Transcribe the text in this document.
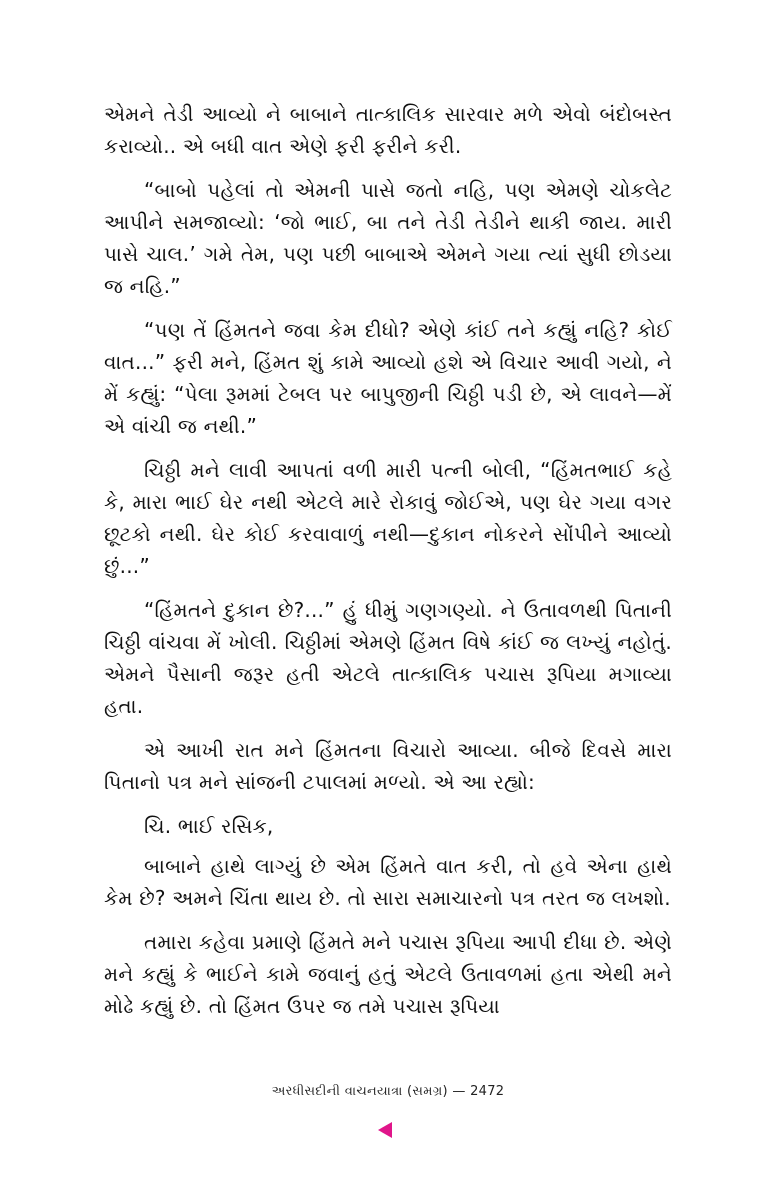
એમને તેડી આવ્યો ને બાબાને તાત્કાલિક સારવાર મળે એવો બંદોબસ્ત કરાવ્યો.. એ બધી વાત એણે ફરી ફરીને કરી.

“બાબો પહેલાં તો એમની પાસે જતો નહિ, પણ એમણે ચોકલેટ આપીને સમજાવ્યો: ‘જો ભાઈ, બા તને તેડી તેડીને થાકી જાય. મારી પાસે ચાલ.’ ગમે તેમ, પણ પછી બાબાએ એમને ગયા ત્યાં સુધી છોડયા જ નહિ.”

“પણ તેં હિંમતને જવા કેમ દીધો? એણે કાંઈ તને કહ્યું નહિ? કોઈ વાત...” ફરી મને, હિંમત શું કામે આવ્યો હશે એ વિચાર આવી ગયો, ને મેં કહ્યું: “પેલા રૂમમાં ટેબલ પર બાપુજીની ચિઠ્ઠી પડી છે, એ લાવને—મેં એ વાંચી જ નથી.”

ચિઠ્ઠી મને લાવી આપતાં વળી મારી પત્ની બોલી, “હિંમતભાઈ કહે કે, મારા ભાઈ ઘેર નથી એટલે મારે રોકાવું જોઈએ, પણ ઘેર ગયા વગર છૂટકો નથી. ઘેર કોઈ કરવાવાળું નથી—દુકાન નોકરને સોંપીને આવ્યો છું...”

“હિંમતને દુકાન છે?...” હું ધીમું ગણગણ્યો. ને ઉતાવળથી પિતાની ચિઠ્ઠી વાંચવા મેં ખોલી. ચિઠ્ઠીમાં એમણે હિંમત વિષે કાંઈ જ લખ્યું નહોતું. એમને પૈસાની જરૂર હતી એટલે તાત્કાલિક પચાસ રૂપિયા મગાવ્યા હતા.

એ આખી રાત મને હિંમતના વિચારો આવ્યા. બીજે દિવસે મારા પિતાનો પત્ર મને સાંજની ટપાલમાં મળ્યો. એ આ રહ્યો:

ચિ. ભાઈ રસિક,

બાબાને હાથે લાગ્યું છે એમ હિંમતે વાત કરી, તો હવે એના હાથે કેમ છે? અમને ચિંતા થાય છે. તો સારા સમાચારનો પત્ર તરત જ લખશો.

તમારા કહેવા પ્રમાણે હિંમતે મને પચાસ રૂપિયા આપી દીધા છે. એણે મને કહ્યું કે ભાઈને કામે જવાનું હતું એટલે ઉતાવળમાં હતા એથી મને મોઢે કહ્યું છે. તો હિંમત ઉપર જ તમે પચાસ રૂપિયા

અરધીસદીની વાચનયાત્રા (સમગ્ર) — 2472
